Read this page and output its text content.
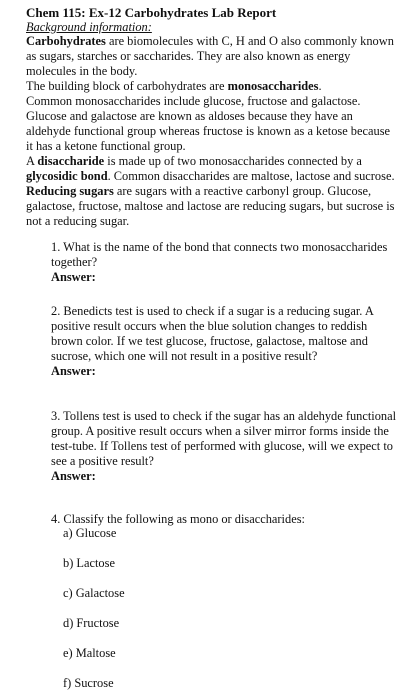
Chem 115: Ex-12 Carbohydrates Lab Report
Background information:

Carbohydrates are biomolecules with C, H and O also commonly known as sugars, starches or saccharides. They are also known as energy molecules in the body.

The building block of carbohydrates are monosaccharides.

Common monosaccharides include glucose, fructose and galactose. Glucose and galactose are known as aldoses because they have an aldehyde functional group whereas fructose is known as a ketose because it has a ketone functional group.

A disaccharide is made up of two monosaccharides connected by a glycosidic bond. Common disaccharides are maltose, lactose and sucrose.

Reducing sugars are sugars with a reactive carbonyl group. Glucose, galactose, fructose, maltose and lactose are reducing sugars, but sucrose is not a reducing sugar.

1. What is the name of the bond that connects two monosaccharides together?

Answer:

2. Benedicts test is used to check if a sugar is a reducing sugar. A positive result occurs when the blue solution changes to reddish brown color. If we test glucose, fructose, galactose, maltose and sucrose, which one will not result in a positive result?

Answer:

3. Tollens test is used to check if the sugar has an aldehyde functional group. A positive result occurs when a silver mirror forms inside the test-tube. If Tollens test of performed with glucose, will we expect to see a positive result?

Answer:

4. Classify the following as mono or disaccharides:

a) Glucose
b) Lactose
c) Galactose
d) Fructose
e) Maltose
f) Sucrose
